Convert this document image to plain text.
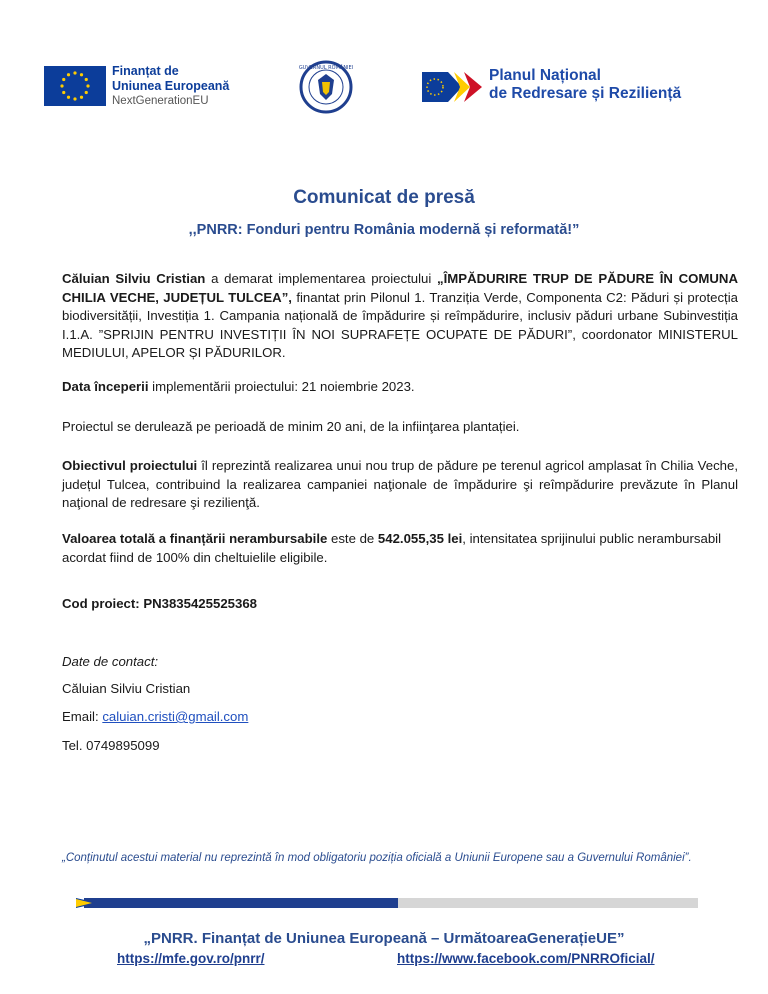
Finanțat de
Uniunea Europeană
NextGenerationEU
GUVERNUL ROMÂNIEI	Planul Național
de Redresare și Reziliență
Comunicat de presă
,,PNRR: Fonduri pentru România modernă și reformată!”
Căluian Silviu Cristian a demarat implementarea proiectului „ÎMPĂDURIRE TRUP DE PĂDURE ÎN COMUNA CHILIA VECHE, JUDEȚUL TULCEA”, finantat prin Pilonul 1. Tranziția Verde, Componenta C2: Păduri și protecția biodiversității, Investiția 1. Campania națională de împădurire și reîmpădurire, inclusiv păduri urbane Subinvestiția I.1.A. ”SPRIJIN PENTRU INVESTIȚII ÎN NOI SUPRAFEȚE OCUPATE DE PĂDURI”, coordonator MINISTERUL MEDIULUI, APELOR ȘI PĂDURILOR.
Data începerii implementării proiectului: 21 noiembrie 2023.
Proiectul se derulează pe perioadă de minim 20 ani, de la infiinţarea plantației.
Obiectivul proiectului îl reprezintă realizarea unui nou trup de pădure pe terenul agricol amplasat în Chilia Veche, județul Tulcea, contribuind la realizarea campaniei naţionale de împădurire şi reîmpădurire prevăzute în Planul naţional de redresare şi rezilienţă.
Valoarea totală a finanțării nerambursabile este de 542.055,35 lei, intensitatea sprijinului public nerambursabil acordat fiind de 100% din cheltuielile eligibile.
Cod proiect: PN3835425525368
Date de contact:
Căluian Silviu Cristian
Email: caluian.cristi@gmail.com
Tel. 0749895099
„Conținutul acestui material nu reprezintă în mod obligatoriu poziția oficială a Uniunii Europene sau a Guvernului României”.
„PNRR. Finanțat de Uniunea Europeană – UrmătoareaGenerațieUE”
https://mfe.gov.ro/pnrr/	https://www.facebook.com/PNRROficial/
